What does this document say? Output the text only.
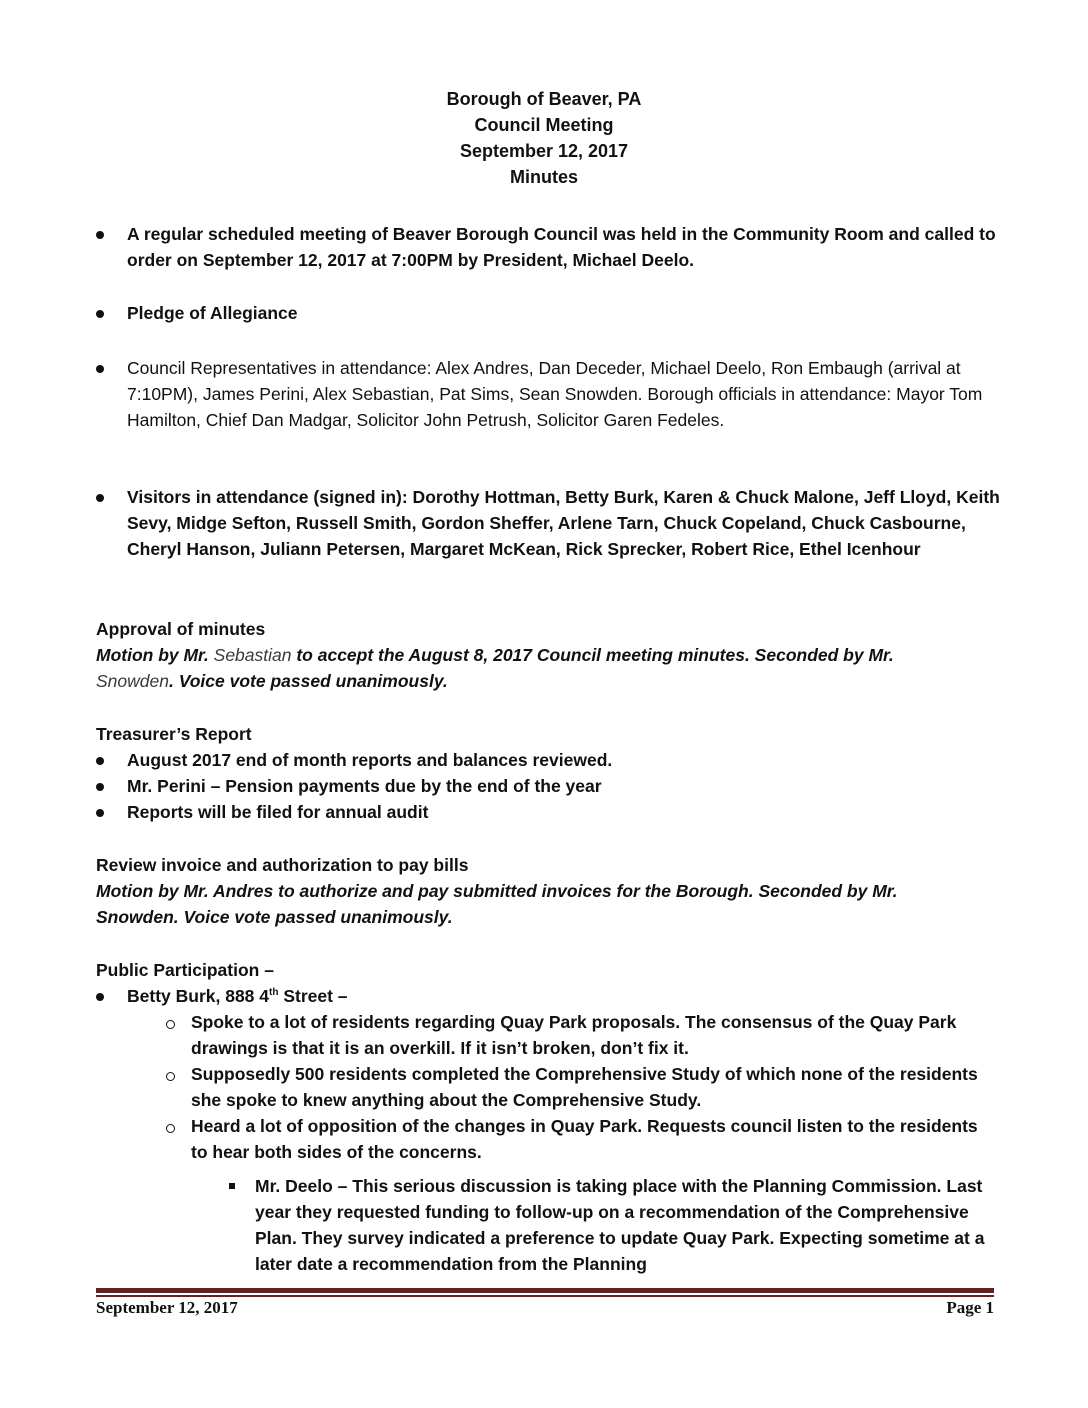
Borough of Beaver, PA
Council Meeting
September 12, 2017
Minutes
A regular scheduled meeting of Beaver Borough Council was held in the Community Room and called to order on September 12, 2017 at 7:00PM by President, Michael Deelo.
Pledge of Allegiance
Council Representatives in attendance: Alex Andres, Dan Deceder, Michael Deelo, Ron Embaugh (arrival at 7:10PM), James Perini, Alex Sebastian, Pat Sims, Sean Snowden. Borough officials in attendance: Mayor Tom Hamilton, Chief Dan Madgar, Solicitor John Petrush, Solicitor Garen Fedeles.
Visitors in attendance (signed in): Dorothy Hottman, Betty Burk, Karen & Chuck Malone, Jeff Lloyd, Keith Sevy, Midge Sefton, Russell Smith, Gordon Sheffer, Arlene Tarn, Chuck Copeland, Chuck Casbourne, Cheryl Hanson, Juliann Petersen, Margaret McKean, Rick Sprecker, Robert Rice, Ethel Icenhour
Approval of minutes
Motion by Mr. Sebastian to accept the August 8, 2017 Council meeting minutes. Seconded by Mr. Snowden. Voice vote passed unanimously.
Treasurer’s Report
August 2017 end of month reports and balances reviewed.
Mr. Perini – Pension payments due by the end of the year
Reports will be filed for annual audit
Review invoice and authorization to pay bills
Motion by Mr. Andres to authorize and pay submitted invoices for the Borough. Seconded by Mr. Snowden. Voice vote passed unanimously.
Public Participation –
Betty Burk, 888 4th Street –
Spoke to a lot of residents regarding Quay Park proposals. The consensus of the Quay Park drawings is that it is an overkill. If it isn’t broken, don’t fix it.
Supposedly 500 residents completed the Comprehensive Study of which none of the residents she spoke to knew anything about the Comprehensive Study.
Heard a lot of opposition of the changes in Quay Park. Requests council listen to the residents to hear both sides of the concerns.
Mr. Deelo – This serious discussion is taking place with the Planning Commission. Last year they requested funding to follow-up on a recommendation of the Comprehensive Plan. They survey indicated a preference to update Quay Park. Expecting sometime at a later date a recommendation from the Planning
September 12, 2017	Page 1
